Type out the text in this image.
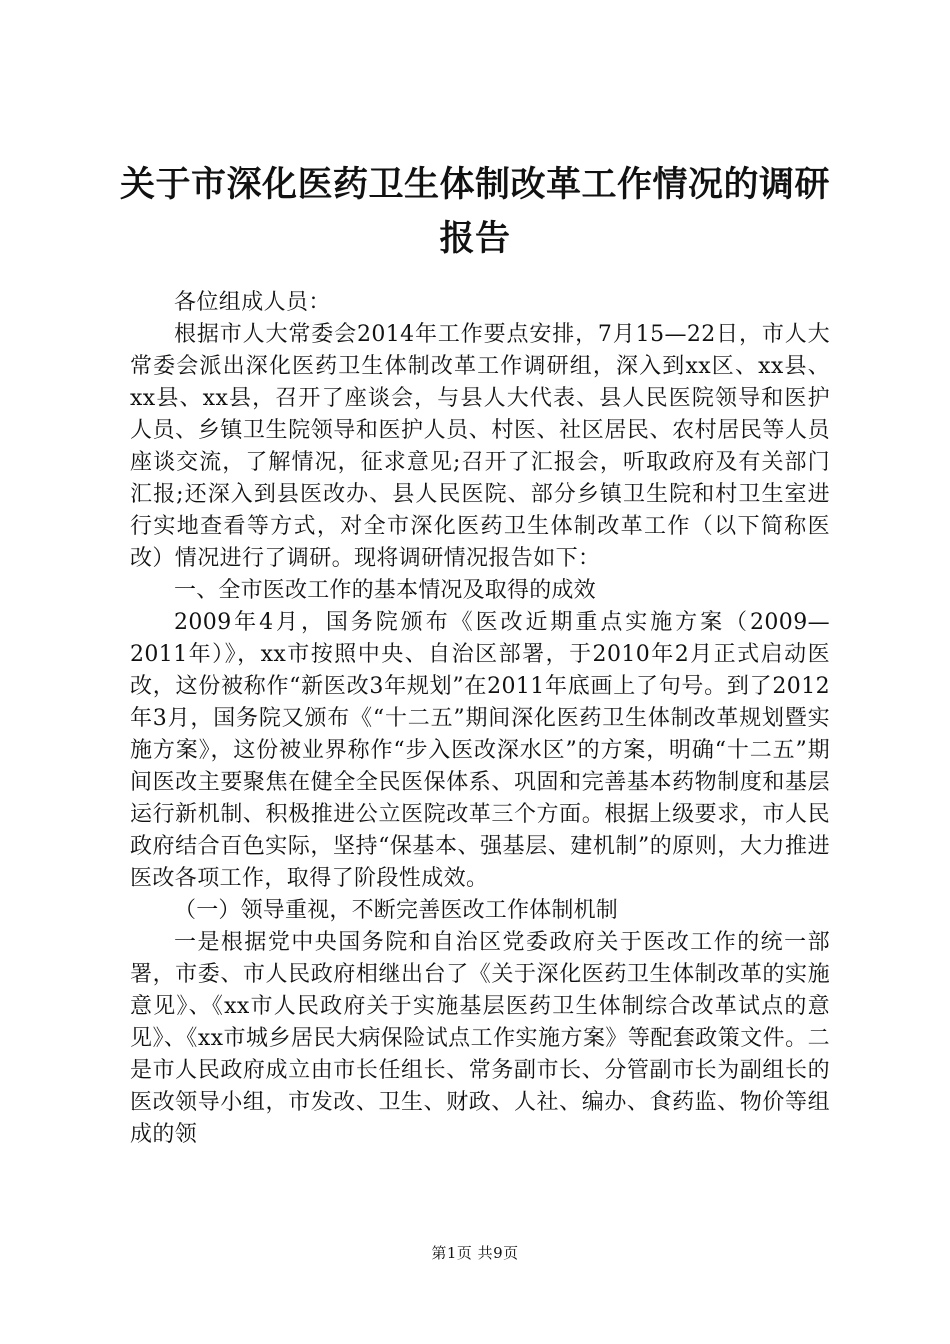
关于市深化医药卫生体制改革工作情况的调研
报告

各位组成人员：

根据市人大常委会2014年工作要点安排，7月15—22日，市人大常委会派出深化医药卫生体制改革工作调研组，深入到xx区、xx县、xx县、xx县，召开了座谈会，与县人大代表、县人民医院领导和医护人员、乡镇卫生院领导和医护人员、村医、社区居民、农村居民等人员座谈交流，了解情况，征求意见;召开了汇报会，听取政府及有关部门汇报;还深入到县医改办、县人民医院、部分乡镇卫生院和村卫生室进行实地查看等方式，对全市深化医药卫生体制改革工作（以下简称医改）情况进行了调研。现将调研情况报告如下：

一、全市医改工作的基本情况及取得的成效

2009年4月，国务院颁布《医改近期重点实施方案（2009—2011年）》，xx市按照中央、自治区部署，于2010年2月正式启动医改，这份被称作“新医改3年规划”在2011年底画上了句号。到了2012年3月，国务院又颁布《“十二五”期间深化医药卫生体制改革规划暨实施方案》，这份被业界称作“步入医改深水区”的方案，明确“十二五”期间医改主要聚焦在健全全民医保体系、巩固和完善基本药物制度和基层运行新机制、积极推进公立医院改革三个方面。根据上级要求，市人民政府结合百色实际，坚持“保基本、强基层、建机制”的原则，大力推进医改各项工作，取得了阶段性成效。

（一）领导重视，不断完善医改工作体制机制

一是根据党中央国务院和自治区党委政府关于医改工作的统一部署，市委、市人民政府相继出台了《关于深化医药卫生体制改革的实施意见》、《xx市人民政府关于实施基层医药卫生体制综合改革试点的意见》、《xx市城乡居民大病保险试点工作实施方案》等配套政策文件。二是市人民政府成立由市长任组长、常务副市长、分管副市长为副组长的医改领导小组，市发改、卫生、财政、人社、编办、食药监、物价等组成的领

第1页 共9页
